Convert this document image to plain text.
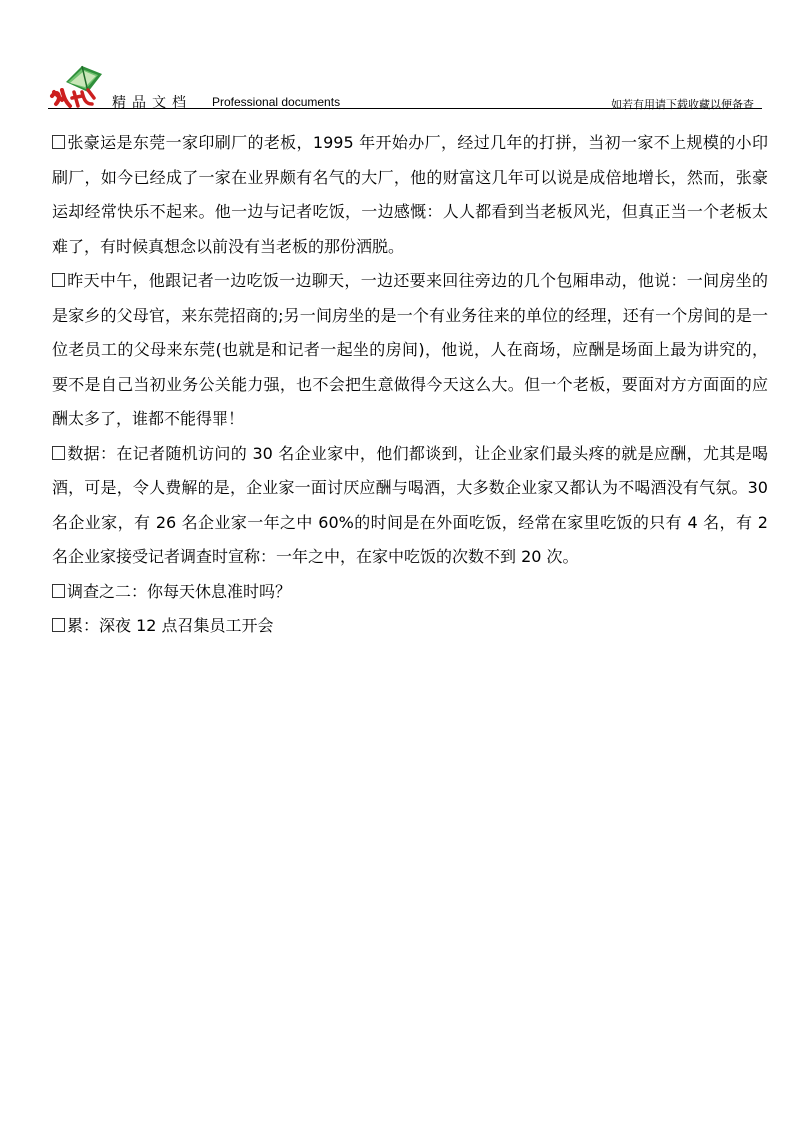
精品文档 Professional documents	如若有用请下载收藏以便备查

张豪运是东莞一家印刷厂的老板，1995 年开始办厂，经过几年的打拼，当初一家不上规模的小印刷厂，如今已经成了一家在业界颇有名气的大厂，他的财富这几年可以说是成倍地增长，然而，张豪运却经常快乐不起来。他一边与记者吃饭，一边感慨：人人都看到当老板风光，但真正当一个老板太难了，有时候真想念以前没有当老板的那份洒脱。

昨天中午，他跟记者一边吃饭一边聊天，一边还要来回往旁边的几个包厢串动，他说：一间房坐的是家乡的父母官，来东莞招商的;另一间房坐的是一个有业务往来的单位的经理，还有一个房间的是一位老员工的父母来东莞(也就是和记者一起坐的房间)，他说，人在商场，应酬是场面上最为讲究的，要不是自己当初业务公关能力强，也不会把生意做得今天这么大。但一个老板，要面对方方面面的应酬太多了，谁都不能得罪！

数据：在记者随机访问的 30 名企业家中，他们都谈到，让企业家们最头疼的就是应酬，尤其是喝酒，可是，令人费解的是，企业家一面讨厌应酬与喝酒，大多数企业家又都认为不喝酒没有气氛。30 名企业家，有 26 名企业家一年之中 60%的时间是在外面吃饭，经常在家里吃饭的只有 4 名，有 2 名企业家接受记者调查时宣称：一年之中，在家中吃饭的次数不到 20 次。

调查之二：你每天休息准时吗？

累：深夜 12 点召集员工开会
